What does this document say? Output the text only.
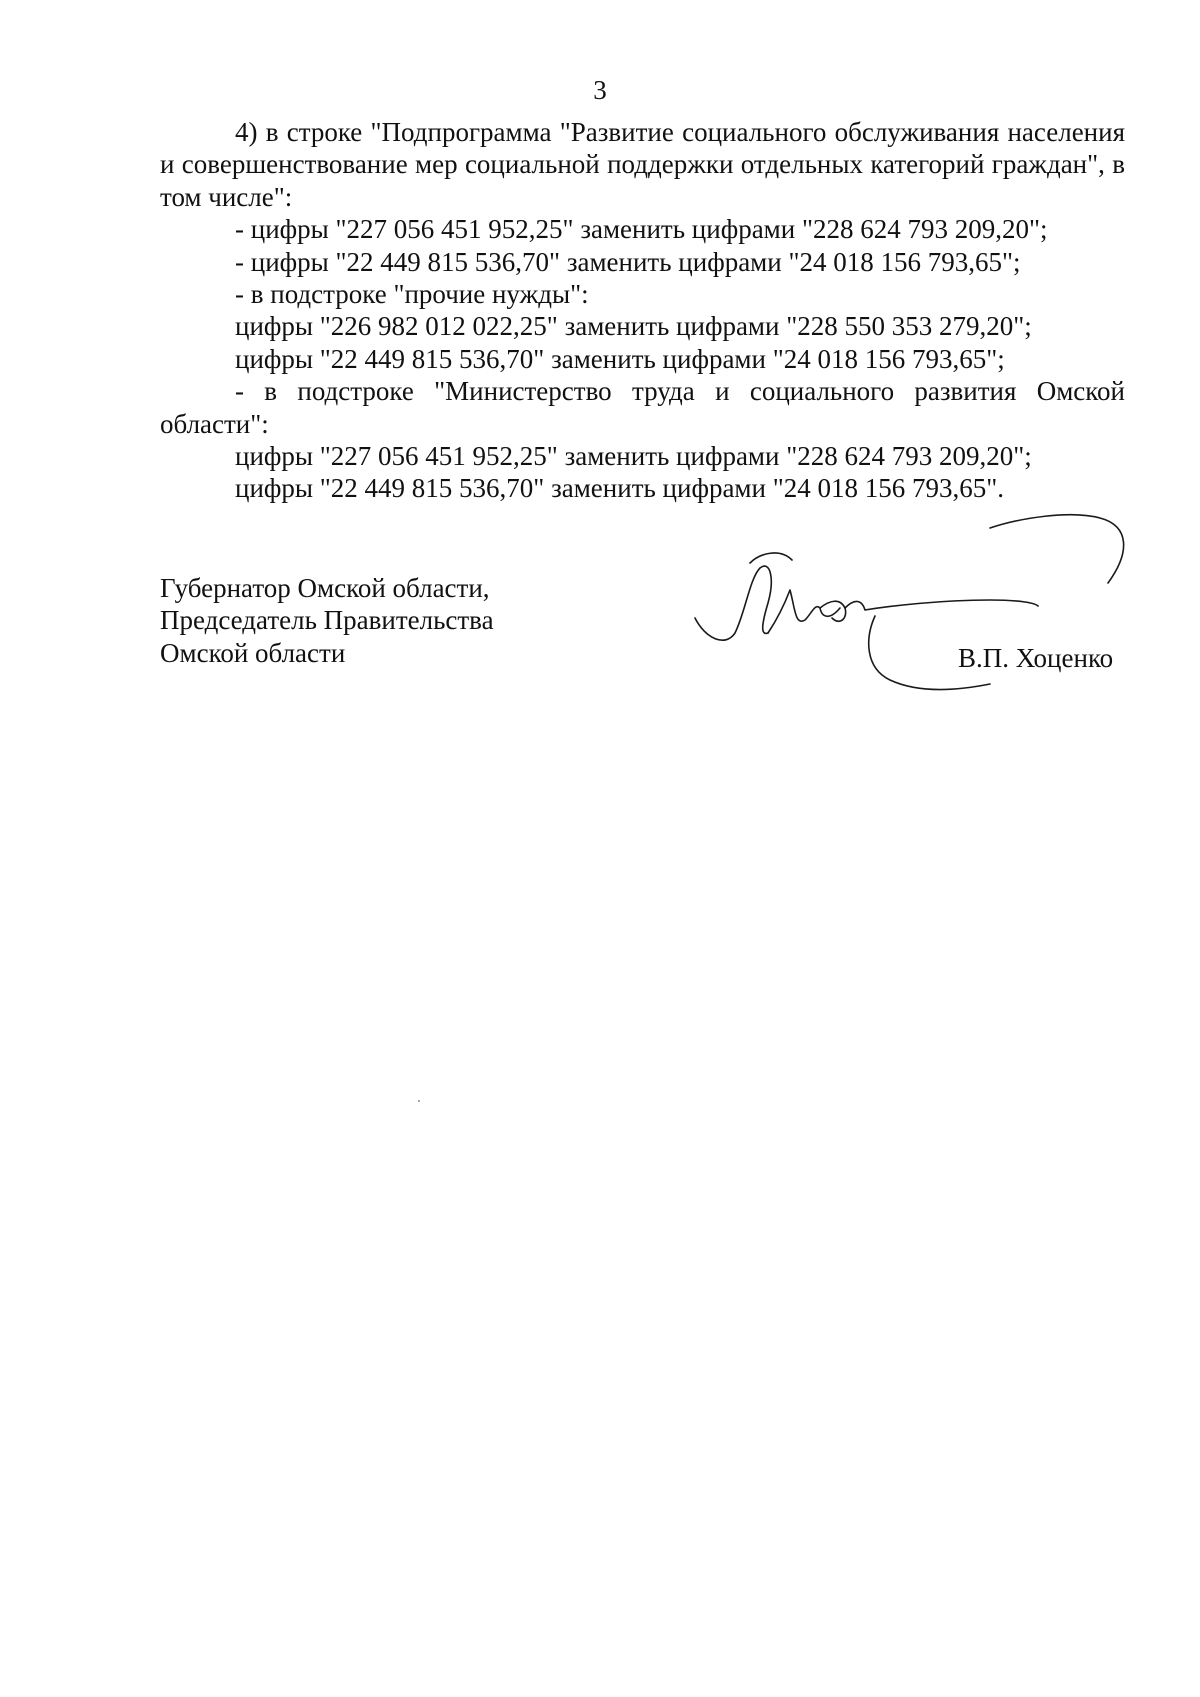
3

4) в строке "Подпрограмма "Развитие социального обслуживания населения и совершенствование мер социальной поддержки отдельных категорий граждан", в том числе":

- цифры "227 056 451 952,25" заменить цифрами "228 624 793 209,20";

- цифры "22 449 815 536,70" заменить цифрами "24 018 156 793,65";

- в подстроке "прочие нужды":

цифры "226 982 012 022,25" заменить цифрами "228 550 353 279,20";

цифры "22 449 815 536,70" заменить цифрами "24 018 156 793,65";

- в подстроке "Министерство труда и социального развития Омской области":

цифры "227 056 451 952,25" заменить цифрами "228 624 793 209,20";

цифры "22 449 815 536,70" заменить цифрами "24 018 156 793,65".

Губернатор Омской области,
Председатель Правительства
Омской области	В.П. Хоценко
